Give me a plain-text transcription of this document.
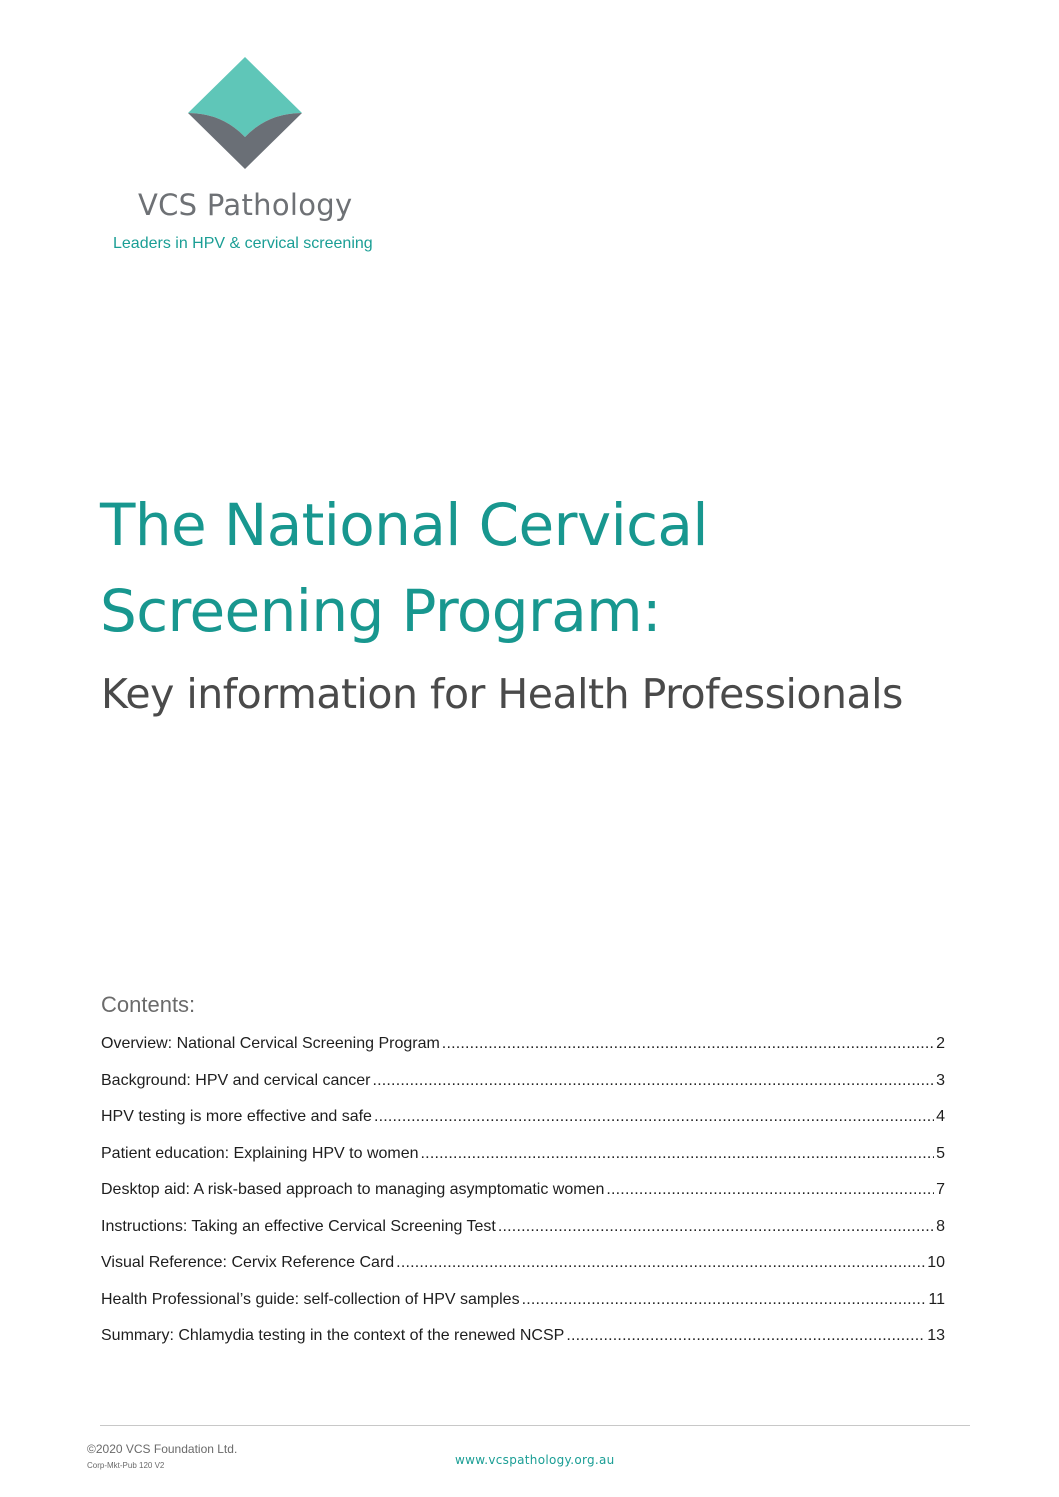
VCS Pathology
Leaders in HPV & cervical screening
The National Cervical
Screening Program:
Key information for Health Professionals
Contents:
Overview: National Cervical Screening Program .....	2
Background: HPV and cervical cancer .....	3
HPV testing is more effective and safe .....	4
Patient education: Explaining HPV to women .....	5
Desktop aid: A risk-based approach to managing asymptomatic women .....	7
Instructions: Taking an effective Cervical Screening Test .....	8
Visual Reference: Cervix Reference Card .....	10
Health Professional’s guide: self-collection of HPV samples .....	11
Summary: Chlamydia testing in the context of the renewed NCSP .....	13
©2020 VCS Foundation Ltd.
Corp-Mkt-Pub 120 V2	www.vcspathology.org.au
